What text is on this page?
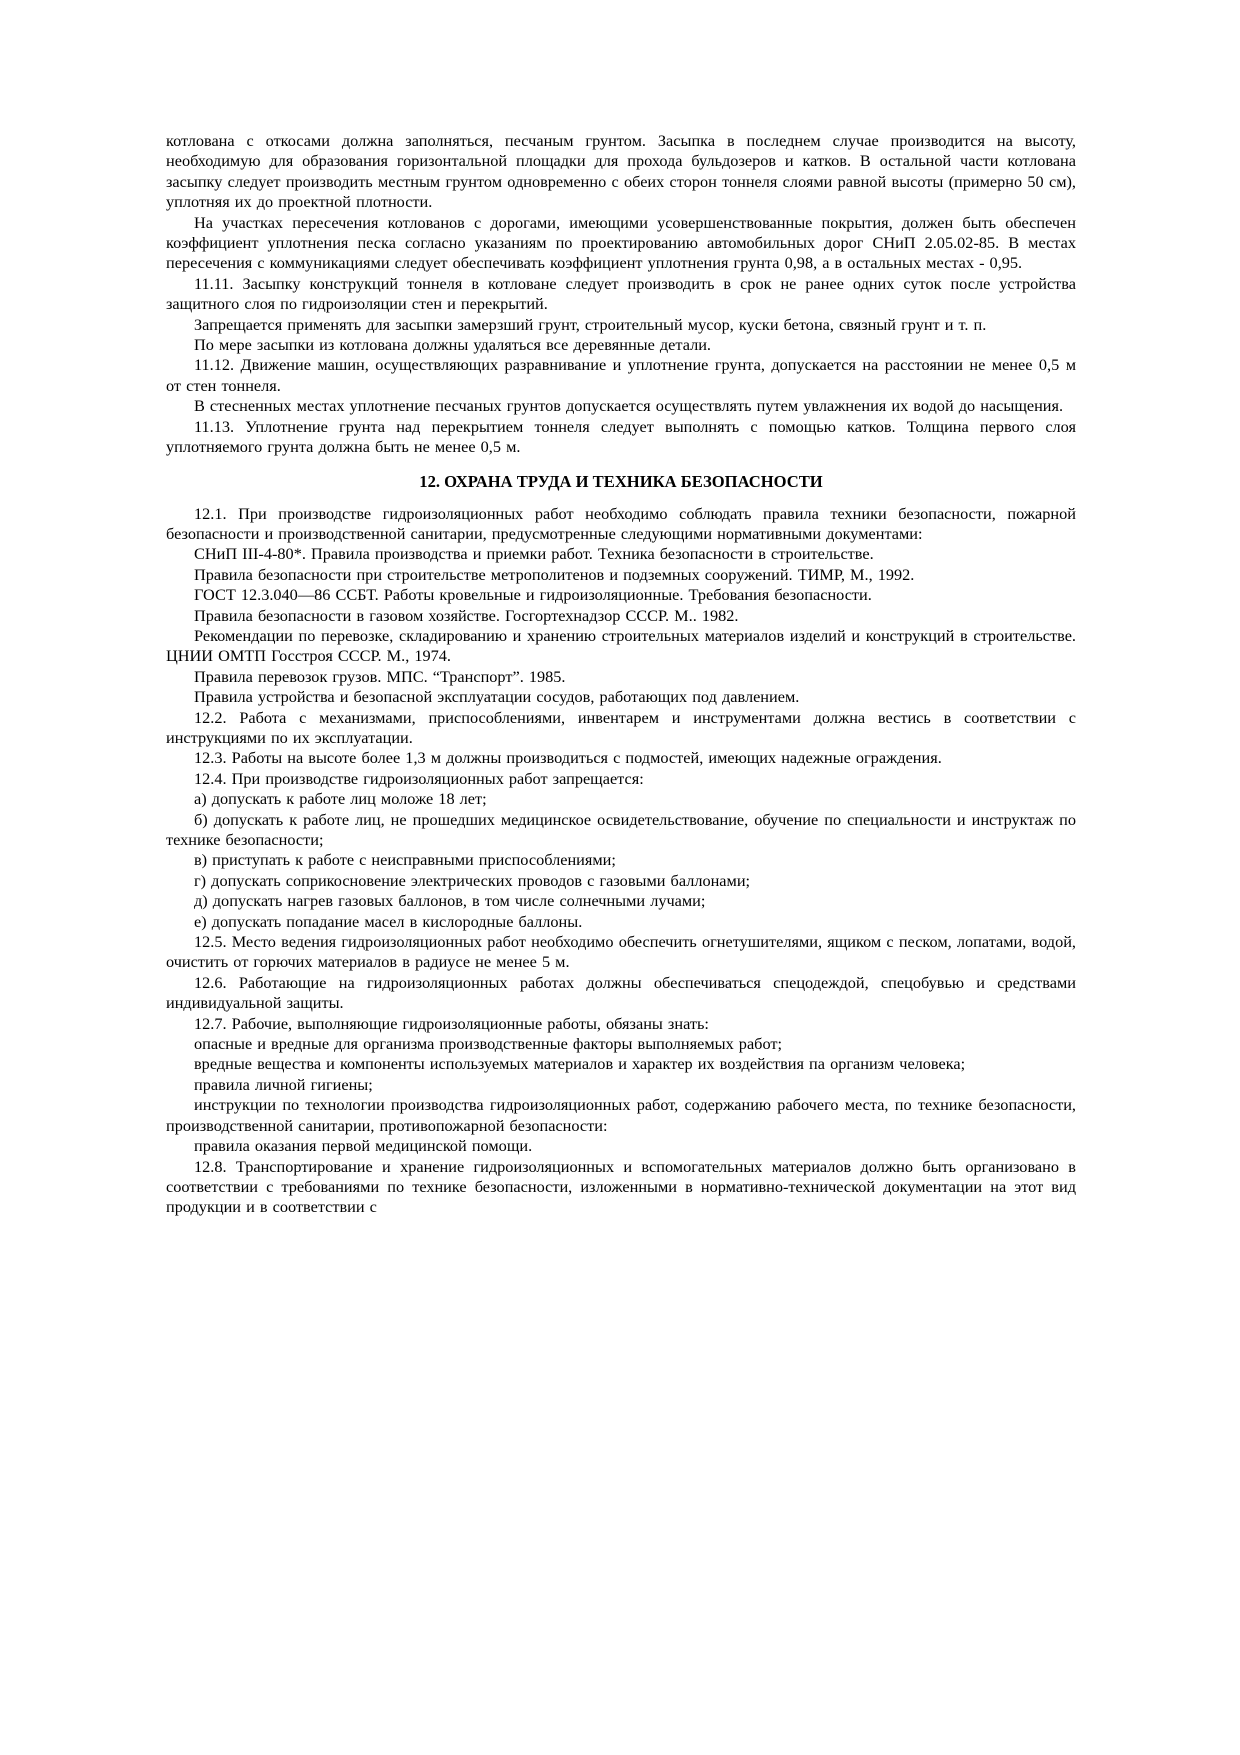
котлована с откосами должна заполняться, песчаным грунтом. Засыпка в последнем случае производится на высоту, необходимую для образования горизонтальной площадки для прохода бульдозеров и катков. В остальной части котлована засыпку следует производить местным грунтом одновременно с обеих сторон тоннеля слоями равной высоты (примерно 50 см), уплотняя их до проектной плотности.

На участках пересечения котлованов с дорогами, имеющими усовершенствованные покрытия, должен быть обеспечен коэффициент уплотнения песка согласно указаниям по проектированию автомобильных дорог СНиП 2.05.02-85. В местах пересечения с коммуникациями следует обеспечивать коэффициент уплотнения грунта 0,98, а в остальных местах - 0,95.

11.11. Засыпку конструкций тоннеля в котловане следует производить в срок не ранее одних суток после устройства защитного слоя по гидроизоляции стен и перекрытий.

Запрещается применять для засыпки замерзший грунт, строительный мусор, куски бетона, связный грунт и т. п.

По мере засыпки из котлована должны удаляться все деревянные детали.

11.12. Движение машин, осуществляющих разравнивание и уплотнение грунта, допускается на расстоянии не менее 0,5 м от стен тоннеля.

В стесненных местах уплотнение песчаных грунтов допускается осуществлять путем увлажнения их водой до насыщения.

11.13. Уплотнение грунта над перекрытием тоннеля следует выполнять с помощью катков. Толщина первого слоя уплотняемого грунта должна быть не менее 0,5 м.

12. ОХРАНА ТРУДА И ТЕХНИКА БЕЗОПАСНОСТИ

12.1. При производстве гидроизоляционных работ необходимо соблюдать правила техники безопасности, пожарной безопасности и производственной санитарии, предусмотренные следующими нормативными документами:

СНиП III-4-80*. Правила производства и приемки работ. Техника безопасности в строительстве.

Правила безопасности при строительстве метрополитенов и подземных сооружений. ТИМР, М., 1992.

ГОСТ 12.3.040—86 ССБТ. Работы кровельные и гидроизоляционные. Требования безопасности.

Правила безопасности в газовом хозяйстве. Госгортехнадзор СССР. М.. 1982.

Рекомендации по перевозке, складированию и хранению строительных материалов изделий и конструкций в строительстве. ЦНИИ ОМТП Госстроя СССР. М., 1974.

Правила перевозок грузов. МПС. “Транспорт”. 1985.

Правила устройства и безопасной эксплуатации сосудов, работающих под давлением.

12.2. Работа с механизмами, приспособлениями, инвентарем и инструментами должна вестись в соответствии с инструкциями по их эксплуатации.

12.3. Работы на высоте более 1,3 м должны производиться с подмостей, имеющих надежные ограждения.

12.4. При производстве гидроизоляционных работ запрещается:

а) допускать к работе лиц моложе 18 лет;

б) допускать к работе лиц, не прошедших медицинское освидетельствование, обучение по специальности и инструктаж по технике безопасности;

в) приступать к работе с неисправными приспособлениями;

г) допускать соприкосновение электрических проводов с газовыми баллонами;

д) допускать нагрев газовых баллонов, в том числе солнечными лучами;

е) допускать попадание масел в кислородные баллоны.

12.5. Место ведения гидроизоляционных работ необходимо обеспечить огнетушителями, ящиком с песком, лопатами, водой, очистить от горючих материалов в радиусе не менее 5 м.

12.6. Работающие на гидроизоляционных работах должны обеспечиваться спецодеждой, спецобувью и средствами индивидуальной защиты.

12.7. Рабочие, выполняющие гидроизоляционные работы, обязаны знать:

опасные и вредные для организма производственные факторы выполняемых работ;

вредные вещества и компоненты используемых материалов и характер их воздействия па организм человека;

правила личной гигиены;

инструкции по технологии производства гидроизоляционных работ, содержанию рабочего места, по технике безопасности, производственной санитарии, противопожарной безопасности:

правила оказания первой медицинской помощи.

12.8. Транспортирование и хранение гидроизоляционных и вспомогательных материалов должно быть организовано в соответствии с требованиями по технике безопасности, изложенными в нормативно-технической документации на этот вид продукции и в соответствии с
